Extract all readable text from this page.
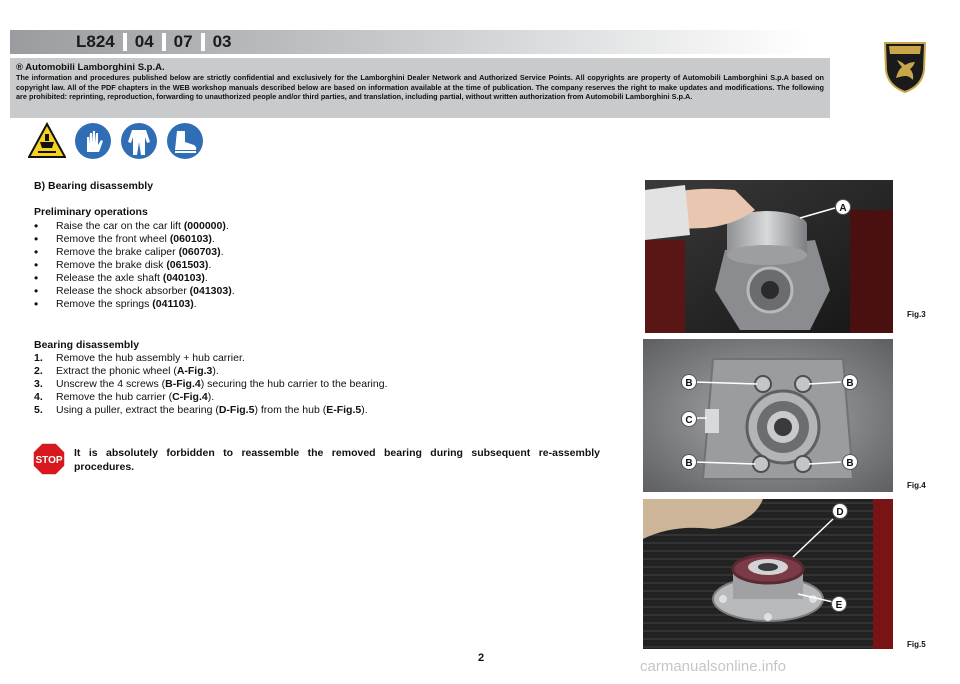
L824	04	07	03
® Automobili Lamborghini S.p.A.
The information and procedures published below are strictly confidential and exclusively for the Lamborghini Dealer Network and Authorized Service Points. All copyrights are property of Automobili Lamborghini S.p.A based on copyright law. All of the PDF chapters in the WEB workshop manuals described below are based on information available at the time of publication. The company reserves the right to make updates and modifications. The following are prohibited: reprinting, reproduction, forwarding to unauthorized people and/or third parties, and translation, including partial, without written authorization from Automobili Lamborghini S.p.A.
B) Bearing disassembly
Preliminary operations
•	Raise the car on the car lift (000000).
•	Remove the front wheel (060103).
•	Remove the brake caliper (060703).
•	Remove the brake disk (061503).
•	Release the axle shaft (040103).
•	Release the shock absorber (041303).
•	Remove the springs (041103).
Bearing disassembly
1.	Remove the hub assembly + hub carrier.
2.	Extract the phonic wheel (A-Fig.3).
3.	Unscrew the 4 screws (B-Fig.4) securing the hub carrier to the bearing.
4.	Remove the hub carrier (C-Fig.4).
5.	Using a puller, extract the bearing (D-Fig.5) from the hub (E-Fig.5).
STOP
It is absolutely forbidden to reassemble the removed bearing during subsequent re-assembly procedures.
A
Fig.3
B	B
C
B	B
Fig.4
D
E
Fig.5
2	carmanualsonline.info
